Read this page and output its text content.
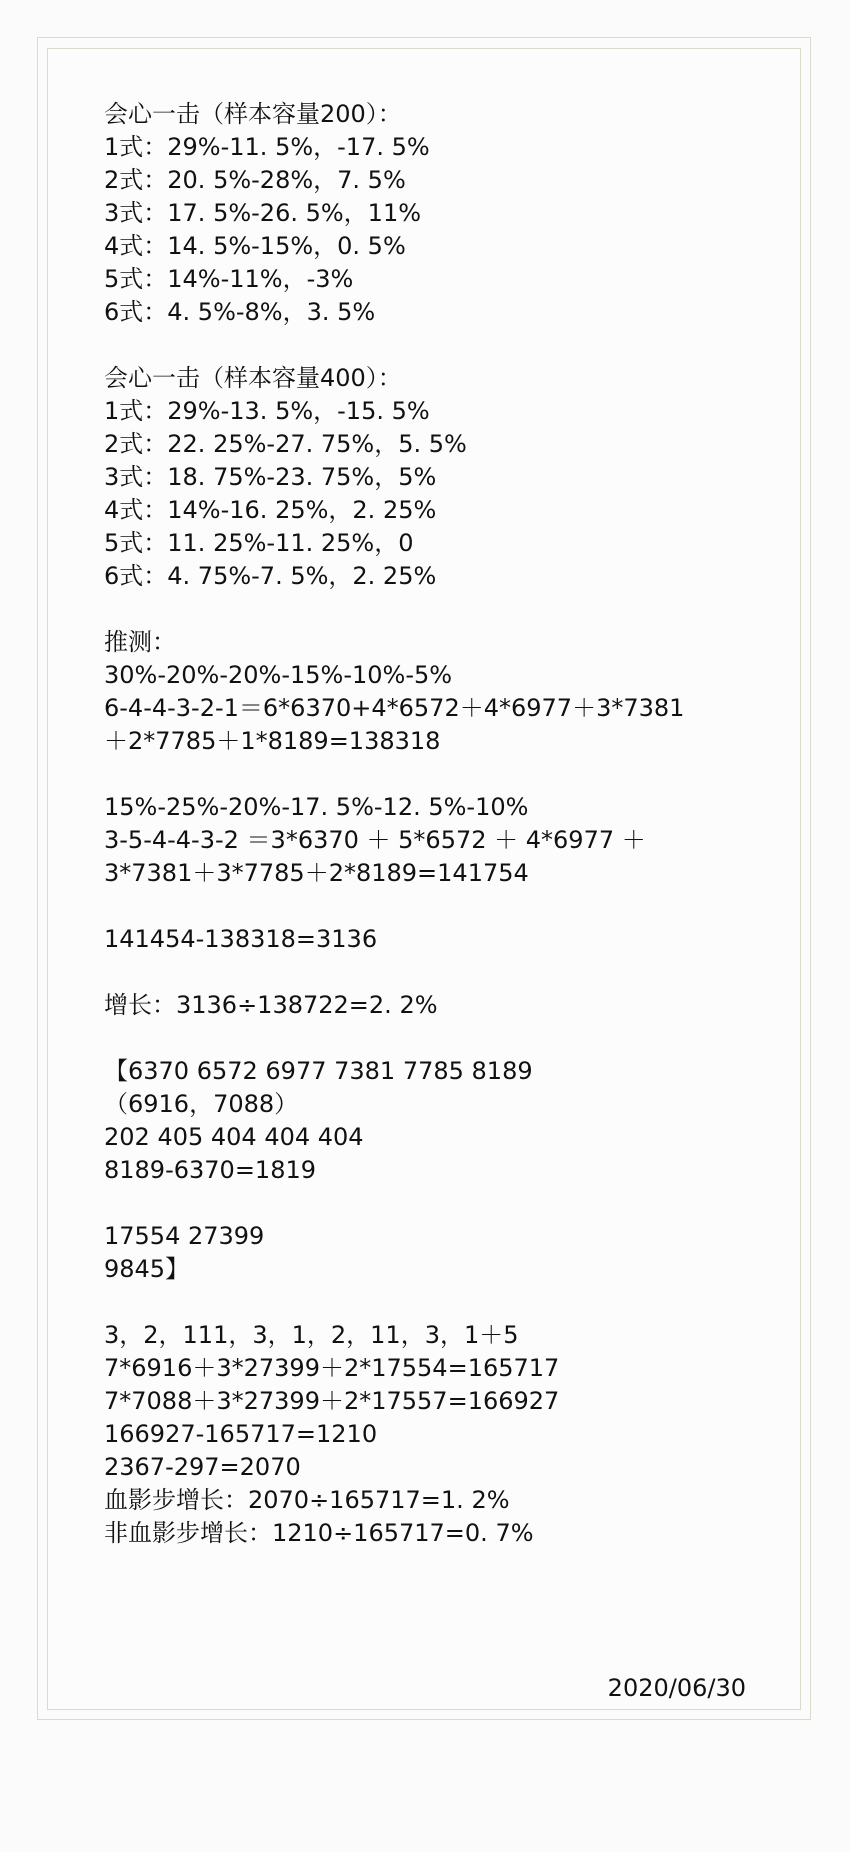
会心一击（样本容量200）：
1式：29%-11. 5%，-17. 5%
2式：20. 5%-28%，7. 5%
3式：17. 5%-26. 5%，11%
4式：14. 5%-15%，0. 5%
5式：14%-11%，-3%
6式：4. 5%-8%，3. 5%
会心一击（样本容量400）：
1式：29%-13. 5%，-15. 5%
2式：22. 25%-27. 75%，5. 5%
3式：18. 75%-23. 75%，5%
4式：14%-16. 25%，2. 25%
5式：11. 25%-11. 25%，0
6式：4. 75%-7. 5%，2. 25%
推测：
30%-20%-20%-15%-10%-5%
6-4-4-3-2-1＝6*6370+4*6572＋4*6977＋3*7381
＋2*7785＋1*8189=138318
15%-25%-20%-17. 5%-12. 5%-10%
3-5-4-4-3-2 ＝3*6370 ＋ 5*6572 ＋ 4*6977 ＋
3*7381＋3*7785＋2*8189=141754
141454-138318=3136
增长：3136÷138722=2. 2%
【6370 6572 6977 7381 7785 8189
（6916，7088）
202 405 404 404 404
8189-6370=1819
17554 27399
9845】
3，2，111，3，1，2，11，3，1＋5
7*6916＋3*27399＋2*17554=165717
7*7088＋3*27399＋2*17557=166927
166927-165717=1210
2367-297=2070
血影步增长：2070÷165717=1. 2%
非血影步增长：1210÷165717=0. 7%
2020/06/30
